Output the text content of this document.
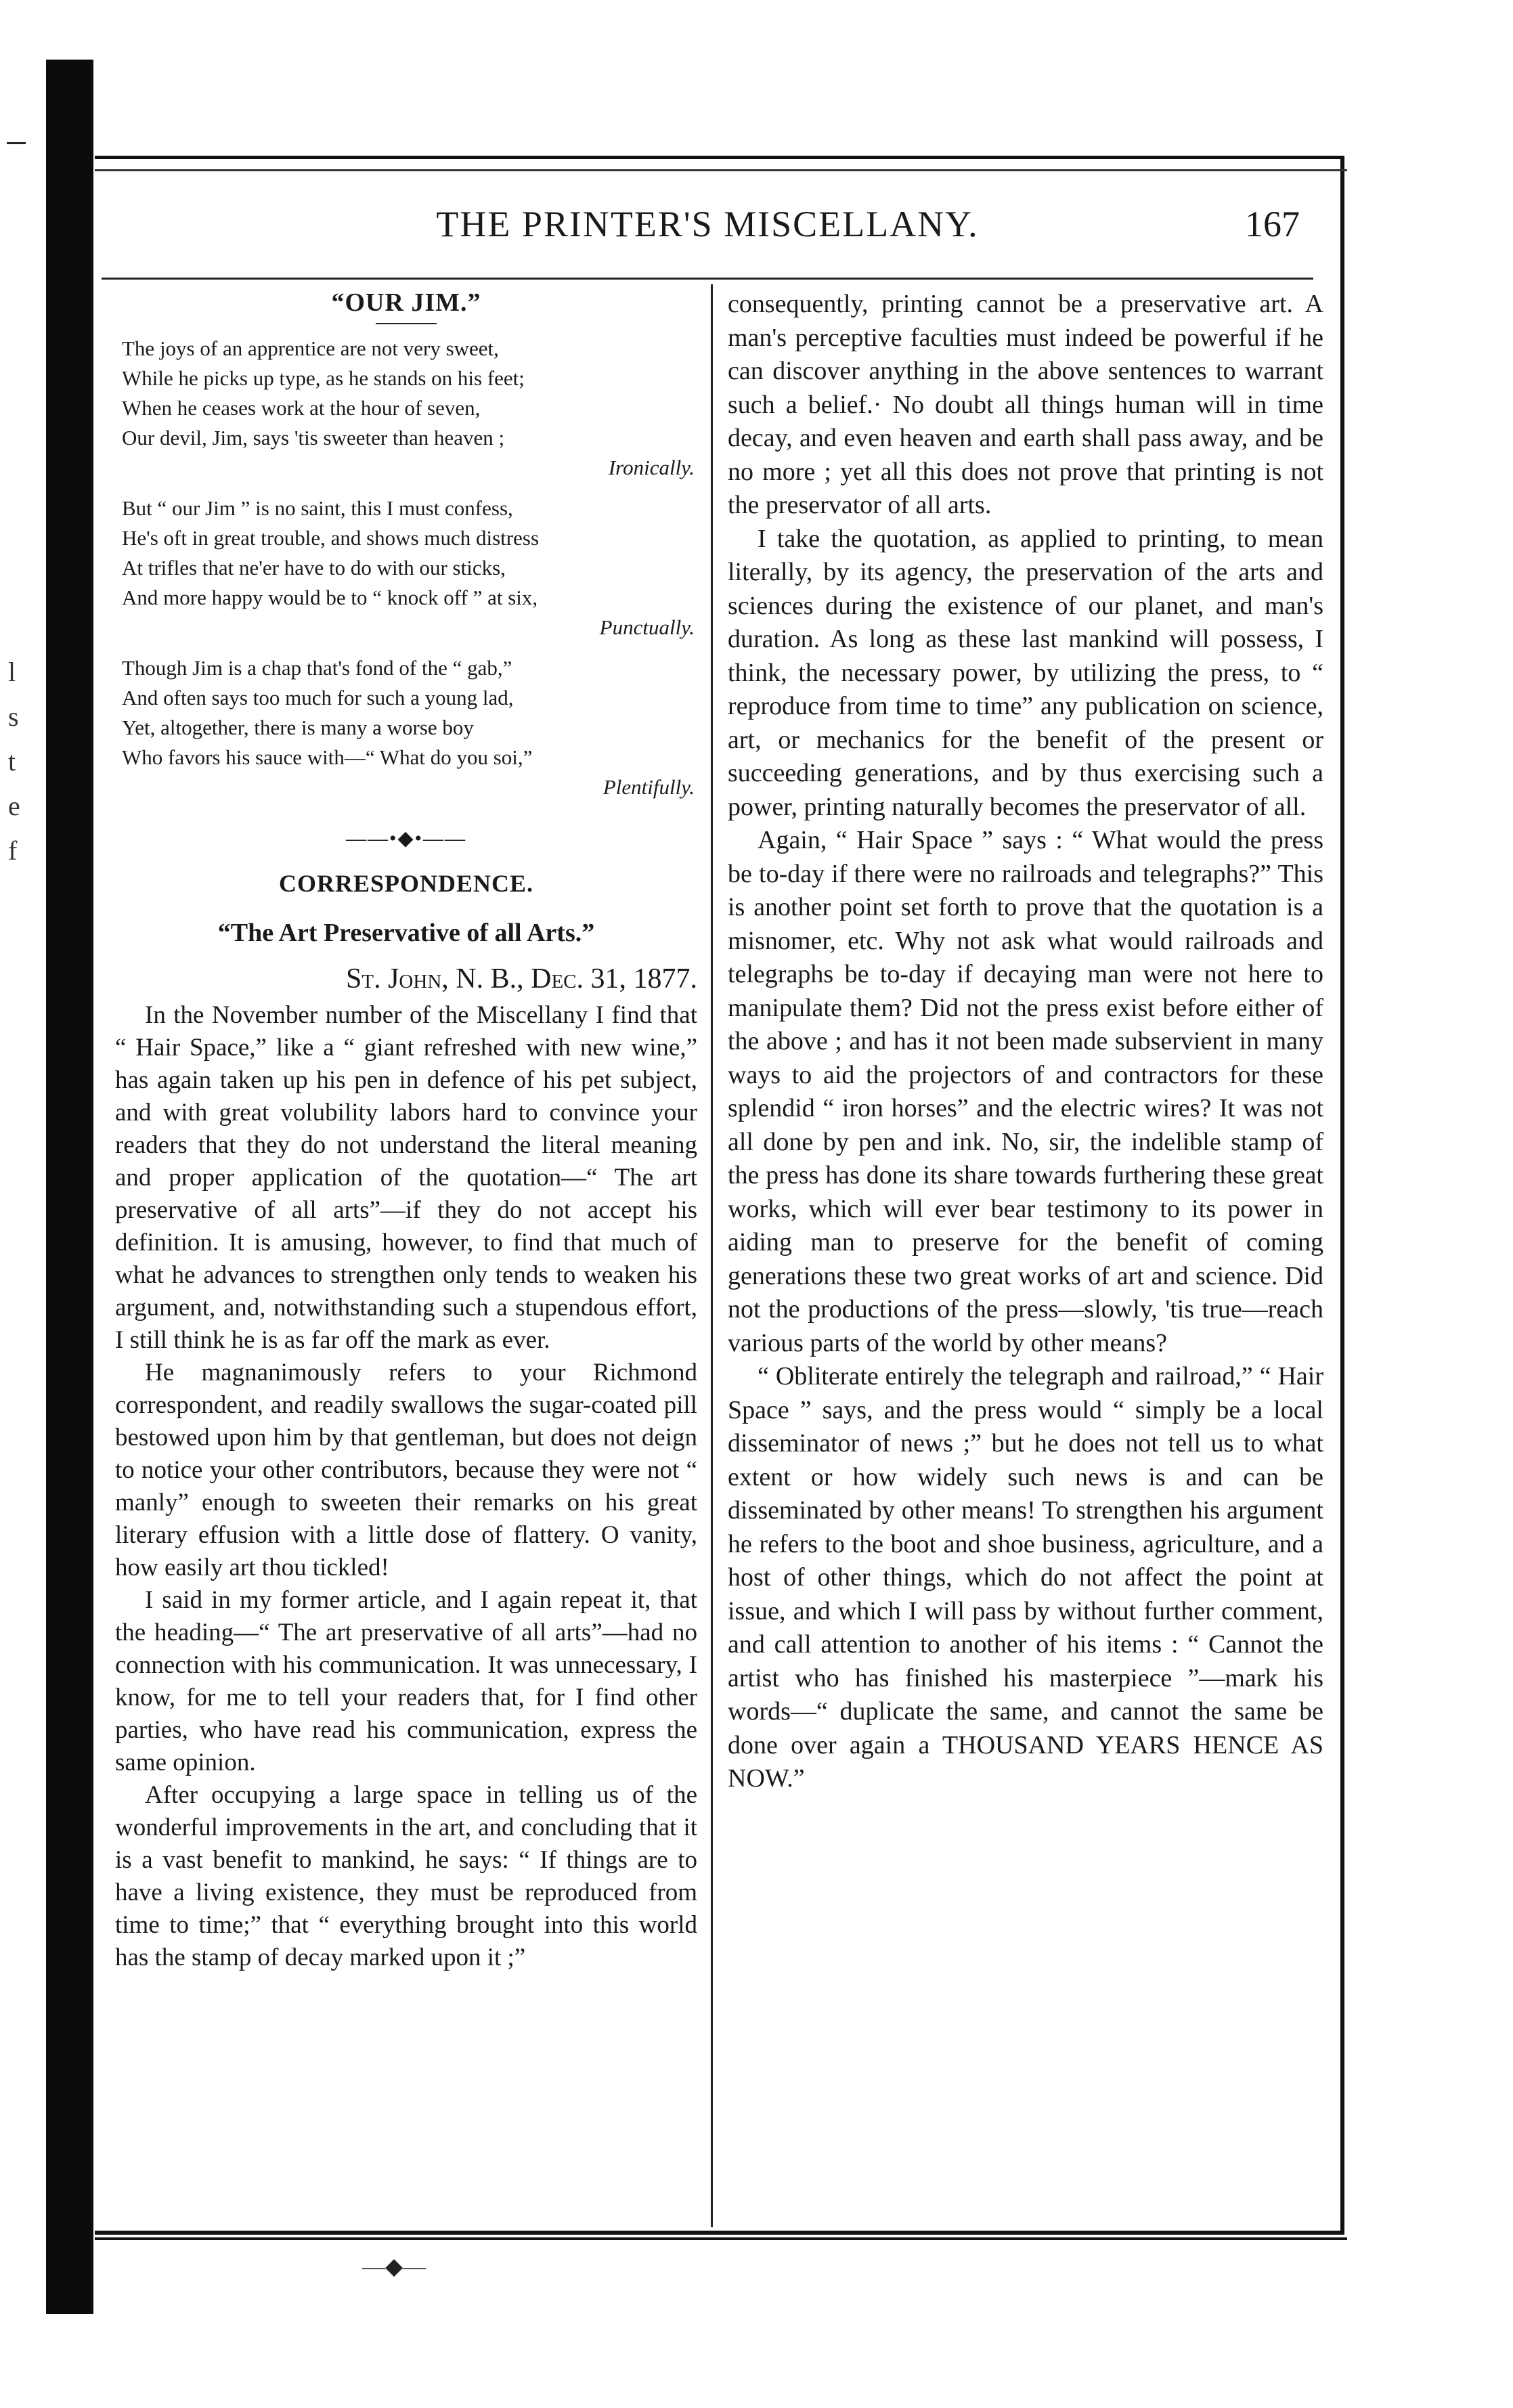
l
s
t
e
f
THE PRINTER'S MISCELLANY.	167
“OUR JIM.”
The joys of an apprentice are not very sweet,
While he picks up type, as he stands on his feet;
When he ceases work at the hour of seven,
Our devil, Jim, says 'tis sweeter than heaven ;
Ironically.
But “ our Jim ” is no saint, this I must confess,
He's oft in great trouble, and shows much distress
At trifles that ne'er have to do with our sticks,
And more happy would be to “ knock off ” at six,
Punctually.
Though Jim is a chap that's fond of the “ gab,”
And often says too much for such a young lad,
Yet, altogether, there is many a worse boy
Who favors his sauce with—“ What do you soi,”
Plentifully.
——•◆•——
CORRESPONDENCE.
“The Art Preservative of all Arts.”
St. John, N. B., Dec. 31, 1877.

In the November number of the Miscellany I find that “ Hair Space,” like a “ giant refreshed with new wine,” has again taken up his pen in defence of his pet subject, and with great volubility labors hard to convince your readers that they do not understand the literal meaning and proper application of the quotation—“ The art preservative of all arts”—if they do not accept his definition. It is amusing, however, to find that much of what he advances to strengthen only tends to weaken his argument, and, notwithstanding such a stupendous effort, I still think he is as far off the mark as ever.

He magnanimously refers to your Richmond correspondent, and readily swallows the sugar-coated pill bestowed upon him by that gentleman, but does not deign to notice your other contributors, because they were not “ manly” enough to sweeten their remarks on his great literary effusion with a little dose of flattery. O vanity, how easily art thou tickled!

I said in my former article, and I again repeat it, that the heading—“ The art preservative of all arts”—had no connection with his communication. It was unnecessary, I know, for me to tell your readers that, for I find other parties, who have read his communication, express the same opinion.

After occupying a large space in telling us of the wonderful improvements in the art, and concluding that it is a vast benefit to mankind, he says: “ If things are to have a living existence, they must be reproduced from time to time;” that “ everything brought into this world has the stamp of decay marked upon it ;”

consequently, printing cannot be a preservative art. A man's perceptive faculties must indeed be powerful if he can discover anything in the above sentences to warrant such a belief.· No doubt all things human will in time decay, and even heaven and earth shall pass away, and be no more ; yet all this does not prove that printing is not the preservator of all arts.

I take the quotation, as applied to printing, to mean literally, by its agency, the preservation of the arts and sciences during the existence of our planet, and man's duration. As long as these last mankind will possess, I think, the necessary power, by utilizing the press, to “ reproduce from time to time” any publication on science, art, or mechanics for the benefit of the present or succeeding generations, and by thus exercising such a power, printing naturally becomes the preservator of all.

Again, “ Hair Space ” says : “ What would the press be to-day if there were no railroads and telegraphs?” This is another point set forth to prove that the quotation is a misnomer, etc. Why not ask what would railroads and telegraphs be to-day if decaying man were not here to manipulate them? Did not the press exist before either of the above ; and has it not been made subservient in many ways to aid the projectors of and contractors for these splendid “ iron horses” and the electric wires? It was not all done by pen and ink. No, sir, the indelible stamp of the press has done its share towards furthering these great works, which will ever bear testimony to its power in aiding man to preserve for the benefit of coming generations these two great works of art and science. Did not the productions of the press—slowly, 'tis true—reach various parts of the world by other means?

“ Obliterate entirely the telegraph and railroad,” “ Hair Space ” says, and the press would “ simply be a local disseminator of news ;” but he does not tell us to what extent or how widely such news is and can be disseminated by other means! To strengthen his argument he refers to the boot and shoe business, agriculture, and a host of other things, which do not affect the point at issue, and which I will pass by without further comment, and call attention to another of his items : “ Cannot the artist who has finished his masterpiece ”—mark his words—“ duplicate the same, and cannot the same be done over again a THOUSAND YEARS HENCE AS NOW.”

—◆—
